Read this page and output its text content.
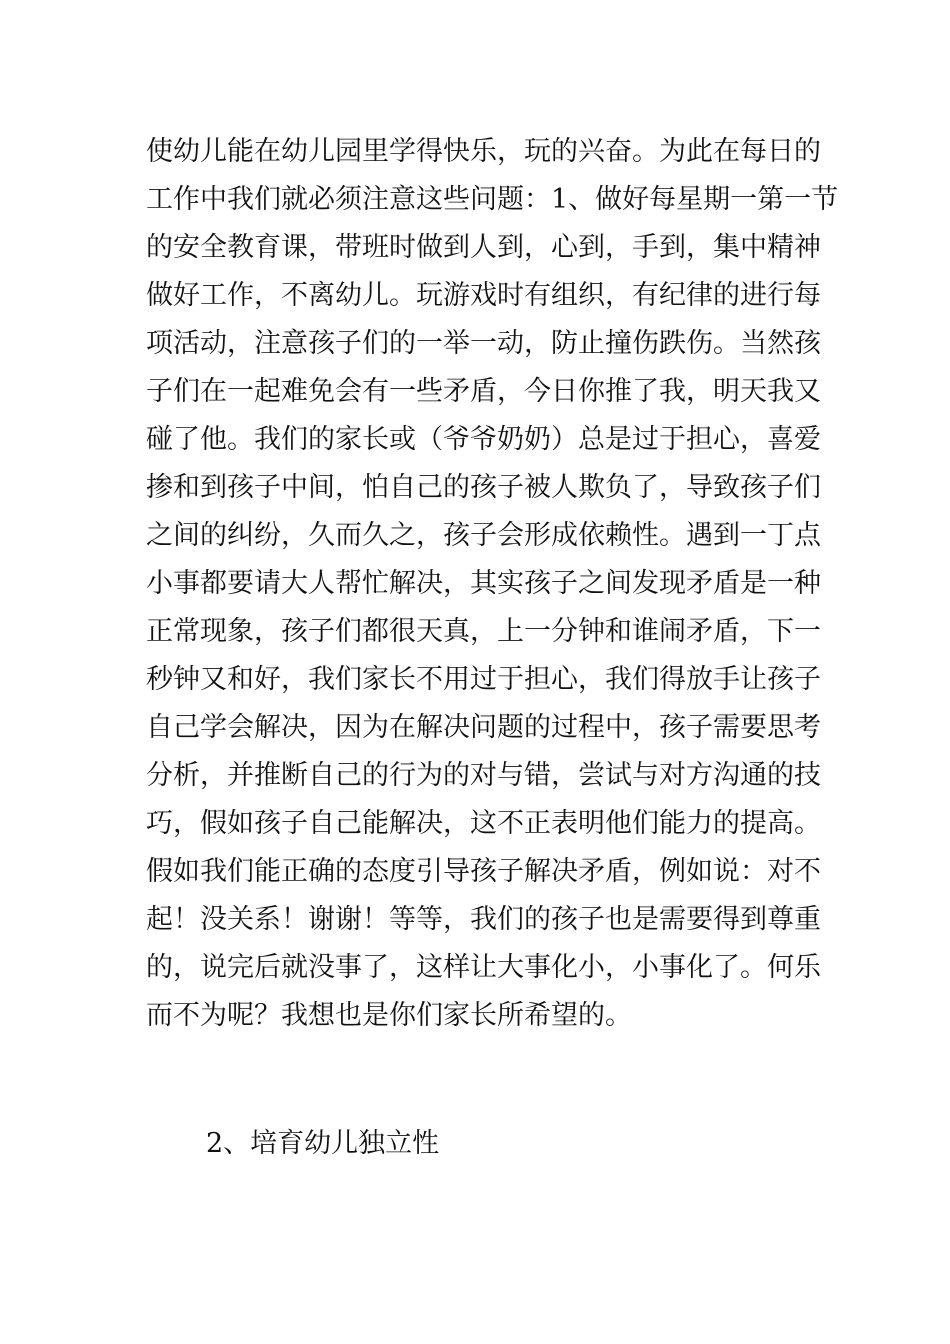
使幼儿能在幼儿园里学得快乐，玩的兴奋。为此在每日的
工作中我们就必须注意这些问题：1、做好每星期一第一节
的安全教育课，带班时做到人到，心到，手到，集中精神
做好工作，不离幼儿。玩游戏时有组织，有纪律的进行每
项活动，注意孩子们的一举一动，防止撞伤跌伤。当然孩
子们在一起难免会有一些矛盾，今日你推了我，明天我又
碰了他。我们的家长或（爷爷奶奶）总是过于担心，喜爱
掺和到孩子中间，怕自己的孩子被人欺负了，导致孩子们
之间的纠纷，久而久之，孩子会形成依赖性。遇到一丁点
小事都要请大人帮忙解决，其实孩子之间发现矛盾是一种
正常现象，孩子们都很天真，上一分钟和谁闹矛盾，下一
秒钟又和好，我们家长不用过于担心，我们得放手让孩子
自己学会解决，因为在解决问题的过程中，孩子需要思考
分析，并推断自己的行为的对与错，尝试与对方沟通的技
巧，假如孩子自己能解决，这不正表明他们能力的提高。
假如我们能正确的态度引导孩子解决矛盾，例如说：对不
起！没关系！谢谢！等等，我们的孩子也是需要得到尊重
的，说完后就没事了，这样让大事化小，小事化了。何乐
而不为呢？我想也是你们家长所希望的。
2、培育幼儿独立性
